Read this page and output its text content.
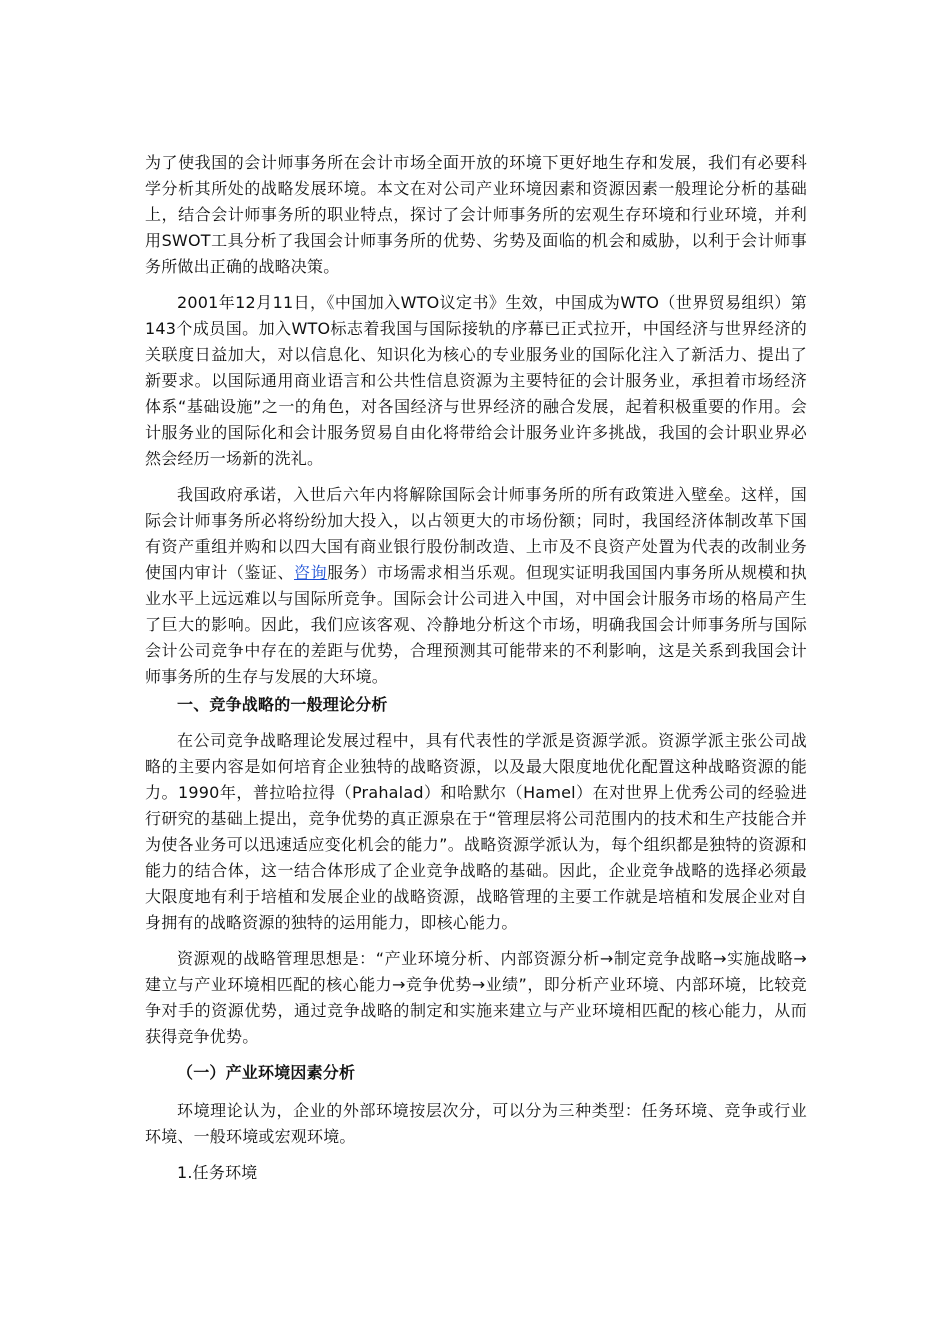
为了使我国的会计师事务所在会计市场全面开放的环境下更好地生存和发展，我们有必要科学分析其所处的战略发展环境。本文在对公司产业环境因素和资源因素一般理论分析的基础上，结合会计师事务所的职业特点，探讨了会计师事务所的宏观生存环境和行业环境，并利用SWOT工具分析了我国会计师事务所的优势、劣势及面临的机会和威胁，以利于会计师事务所做出正确的战略决策。

2001年12月11日，《中国加入WTO议定书》生效，中国成为WTO（世界贸易组织）第143个成员国。加入WTO标志着我国与国际接轨的序幕已正式拉开，中国经济与世界经济的关联度日益加大，对以信息化、知识化为核心的专业服务业的国际化注入了新活力、提出了新要求。以国际通用商业语言和公共性信息资源为主要特征的会计服务业，承担着市场经济体系“基础设施”之一的角色，对各国经济与世界经济的融合发展，起着积极重要的作用。会计服务业的国际化和会计服务贸易自由化将带给会计服务业许多挑战，我国的会计职业界必然会经历一场新的洗礼。

我国政府承诺，入世后六年内将解除国际会计师事务所的所有政策进入壁垒。这样，国际会计师事务所必将纷纷加大投入，以占领更大的市场份额；同时，我国经济体制改革下国有资产重组并购和以四大国有商业银行股份制改造、上市及不良资产处置为代表的改制业务使国内审计（鉴证、咨询服务）市场需求相当乐观。但现实证明我国国内事务所从规模和执业水平上远远难以与国际所竞争。国际会计公司进入中国，对中国会计服务市场的格局产生了巨大的影响。因此，我们应该客观、冷静地分析这个市场，明确我国会计师事务所与国际会计公司竞争中存在的差距与优势，合理预测其可能带来的不利影响，这是关系到我国会计师事务所的生存与发展的大环境。

一、竞争战略的一般理论分析

在公司竞争战略理论发展过程中，具有代表性的学派是资源学派。资源学派主张公司战略的主要内容是如何培育企业独特的战略资源，以及最大限度地优化配置这种战略资源的能力。1990年，普拉哈拉得（Prahalad）和哈默尔（Hamel）在对世界上优秀公司的经验进行研究的基础上提出，竞争优势的真正源泉在于“管理层将公司范围内的技术和生产技能合并为使各业务可以迅速适应变化机会的能力”。战略资源学派认为，每个组织都是独特的资源和能力的结合体，这一结合体形成了企业竞争战略的基础。因此，企业竞争战略的选择必须最大限度地有利于培植和发展企业的战略资源，战略管理的主要工作就是培植和发展企业对自身拥有的战略资源的独特的运用能力，即核心能力。

资源观的战略管理思想是：“产业环境分析、内部资源分析→制定竞争战略→实施战略→建立与产业环境相匹配的核心能力→竞争优势→业绩”，即分析产业环境、内部环境，比较竞争对手的资源优势，通过竞争战略的制定和实施来建立与产业环境相匹配的核心能力，从而获得竞争优势。

（一）产业环境因素分析

环境理论认为，企业的外部环境按层次分，可以分为三种类型：任务环境、竞争或行业环境、一般环境或宏观环境。

1.任务环境
